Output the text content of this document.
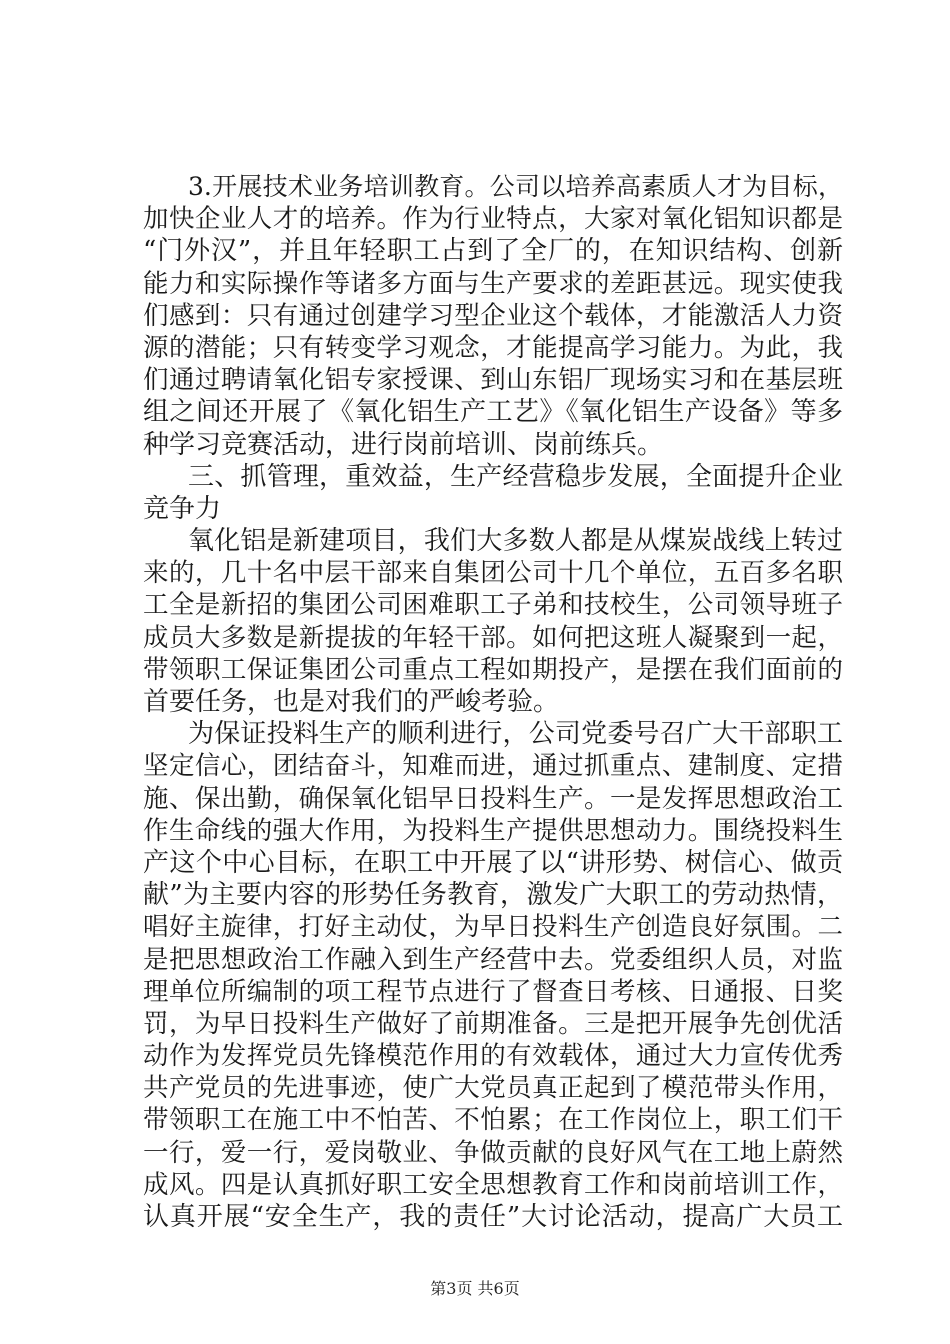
3.开展技术业务培训教育。公司以培养高素质人才为目标，
加快企业人才的培养。作为行业特点，大家对氧化铝知识都是
“门外汉”，并且年轻职工占到了全厂的，在知识结构、创新
能力和实际操作等诸多方面与生产要求的差距甚远。现实使我
们感到：只有通过创建学习型企业这个载体，才能激活人力资
源的潜能；只有转变学习观念，才能提高学习能力。为此，我
们通过聘请氧化铝专家授课、到山东铝厂现场实习和在基层班
组之间还开展了《氧化铝生产工艺》《氧化铝生产设备》等多
种学习竞赛活动，进行岗前培训、岗前练兵。
三、抓管理，重效益，生产经营稳步发展，全面提升企业
竞争力
氧化铝是新建项目，我们大多数人都是从煤炭战线上转过
来的，几十名中层干部来自集团公司十几个单位，五百多名职
工全是新招的集团公司困难职工子弟和技校生，公司领导班子
成员大多数是新提拔的年轻干部。如何把这班人凝聚到一起，
带领职工保证集团公司重点工程如期投产，是摆在我们面前的
首要任务，也是对我们的严峻考验。
为保证投料生产的顺利进行，公司党委号召广大干部职工
坚定信心，团结奋斗，知难而进，通过抓重点、建制度、定措
施、保出勤，确保氧化铝早日投料生产。一是发挥思想政治工
作生命线的强大作用，为投料生产提供思想动力。围绕投料生
产这个中心目标，在职工中开展了以“讲形势、树信心、做贡
献”为主要内容的形势任务教育，激发广大职工的劳动热情，
唱好主旋律，打好主动仗，为早日投料生产创造良好氛围。二
是把思想政治工作融入到生产经营中去。党委组织人员，对监
理单位所编制的项工程节点进行了督查日考核、日通报、日奖
罚，为早日投料生产做好了前期准备。三是把开展争先创优活
动作为发挥党员先锋模范作用的有效载体，通过大力宣传优秀
共产党员的先进事迹，使广大党员真正起到了模范带头作用，
带领职工在施工中不怕苦、不怕累；在工作岗位上，职工们干
一行，爱一行，爱岗敬业、争做贡献的良好风气在工地上蔚然
成风。四是认真抓好职工安全思想教育工作和岗前培训工作，
认真开展“安全生产，我的责任”大讨论活动，提高广大员工
第3页 共6页
